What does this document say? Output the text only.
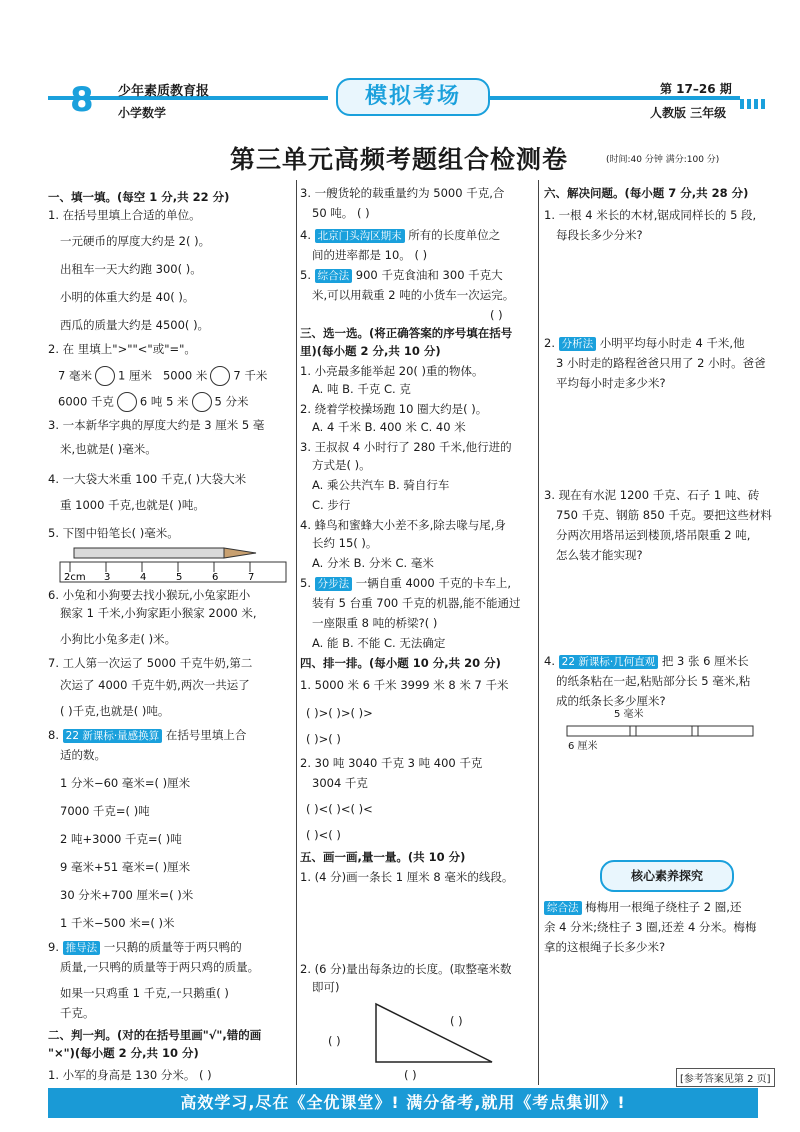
8 少年素质教育报
小学数学
模拟考场	第 17–26 期
人教版 三年级
第三单元高频考题组合检测卷	(时间:40 分钟 满分:100 分)

一、填一填。(每空 1 分,共 22 分)

1. 在括号里填上合适的单位。

一元硬币的厚度大约是 2( )。

出租车一天大约跑 300( )。

小明的体重大约是 40( )。

西瓜的质量大约是 4500( )。

2. 在 里填上">""<"或"="。

7 毫米 1 厘米 5000 米 7 千米

6000 千克 6 吨 5 米 5 分米

3. 一本新华字典的厚度大约是 3 厘米 5 毫

米,也就是( )毫米。

4. 一大袋大米重 100 千克,( )大袋大米

重 1000 千克,也就是( )吨。

5. 下图中铅笔长( )毫米。

2cm 3	4	5	6	7

6. 小兔和小狗要去找小猴玩,小兔家距小

猴家 1 千米,小狗家距小猴家 2000 米,

小狗比小兔多走( )米。

7. 工人第一次运了 5000 千克牛奶,第二

次运了 4000 千克牛奶,两次一共运了

( )千克,也就是( )吨。

8. 22 新课标·量感换算 在括号里填上合

适的数。

1 分米−60 毫米=( )厘米

7000 千克=( )吨

2 吨+3000 千克=( )吨

9 毫米+51 毫米=( )厘米

30 分米+700 厘米=( )米

1 千米−500 米=( )米

9. 推导法 一只鹅的质量等于两只鸭的

质量,一只鸭的质量等于两只鸡的质量。

如果一只鸡重 1 千克,一只鹅重( )

千克。

二、判一判。(对的在括号里画"√",错的画

"×")(每小题 2 分,共 10 分)

1. 小军的身高是 130 分米。 ( )

3. 一艘货轮的载重量约为 5000 千克,合

50 吨。 ( )

4. 北京门头沟区期末 所有的长度单位之

间的进率都是 10。 ( )

5. 综合法 900 千克食油和 300 千克大

米,可以用载重 2 吨的小货车一次运完。

( )

三、选一选。(将正确答案的序号填在括号

里)(每小题 2 分,共 10 分)

1. 小亮最多能举起 20( )重的物体。

A. 吨 B. 千克 C. 克

2. 绕着学校操场跑 10 圈大约是( )。

A. 4 千米 B. 400 米 C. 40 米

3. 王叔叔 4 小时行了 280 千米,他行进的

方式是( )。

A. 乘公共汽车 B. 骑自行车

C. 步行

4. 蜂鸟和蜜蜂大小差不多,除去喙与尾,身

长约 15( )。

A. 分米 B. 分米 C. 毫米

5. 分步法 一辆自重 4000 千克的卡车上,

装有 5 台重 700 千克的机器,能不能通过

一座限重 8 吨的桥梁?( )

A. 能 B. 不能 C. 无法确定

四、排一排。(每小题 10 分,共 20 分)

1. 5000 米 6 千米 3999 米 8 米 7 千米

( )>( )>( )>

( )>( )

2. 30 吨 3040 千克 3 吨 400 千克

3004 千克

( )<( )<( )<

( )<( )

五、画一画,量一量。(共 10 分)

1. (4 分)画一条长 1 厘米 8 毫米的线段。

2. (6 分)量出每条边的长度。(取整毫米数

即可)

( )

( )

( )

六、解决问题。(每小题 7 分,共 28 分)

1. 一根 4 米长的木材,锯成同样长的 5 段,

每段长多少分米?

2. 分析法 小明平均每小时走 4 千米,他

3 小时走的路程爸爸只用了 2 小时。爸爸

平均每小时走多少米?

3. 现在有水泥 1200 千克、石子 1 吨、砖

750 千克、钢筋 850 千克。要把这些材料

分两次用塔吊运到楼顶,塔吊限重 2 吨,

怎么装才能实现?

4. 22 新课标·几何直观 把 3 张 6 厘米长

的纸条粘在一起,粘贴部分长 5 毫米,粘

成的纸条长多少厘米?

5 毫米

6 厘米

综合法 梅梅用一根绳子绕柱子 2 圈,还

余 4 分米;绕柱子 3 圈,还差 4 分米。梅梅

拿的这根绳子长多少米?

核心素养探究
[参考答案见第 2 页]
高效学习,尽在《全优课堂》! 满分备考,就用《考点集训》!
